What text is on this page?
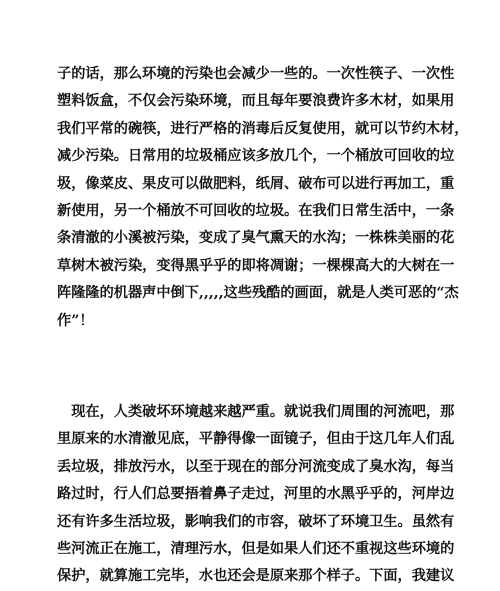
子的话，那么环境的污染也会减少一些的。一次性筷子、一次性
塑料饭盒，不仅会污染环境，而且每年要浪费许多木材，如果用
我们平常的碗筷，进行严格的消毒后反复使用，就可以节约木材，
减少污染。日常用的垃圾桶应该多放几个，一个桶放可回收的垃
圾，像菜皮、果皮可以做肥料，纸屑、破布可以进行再加工，重
新使用，另一个桶放不可回收的垃圾。在我们日常生活中，一条
条清澈的小溪被污染，变成了臭气熏天的水沟；一株株美丽的花
草树木被污染，变得黑乎乎的即将凋谢；一棵棵高大的大树在一
阵隆隆的机器声中倒下,,,,,这些残酷的画面，就是人类可恶的“杰
作”！
　现在，人类破坏环境越来越严重。就说我们周围的河流吧，那
里原来的水清澈见底，平静得像一面镜子，但由于这几年人们乱
丢垃圾，排放污水，以至于现在的部分河流变成了臭水沟，每当
路过时，行人们总要捂着鼻子走过，河里的水黑乎乎的，河岸边
还有许多生活垃圾，影响我们的市容，破坏了环境卫生。虽然有
些河流正在施工，清理污水，但是如果人们还不重视这些环境的
保护，就算施工完毕，水也还会是原来那个样子。下面，我建议
